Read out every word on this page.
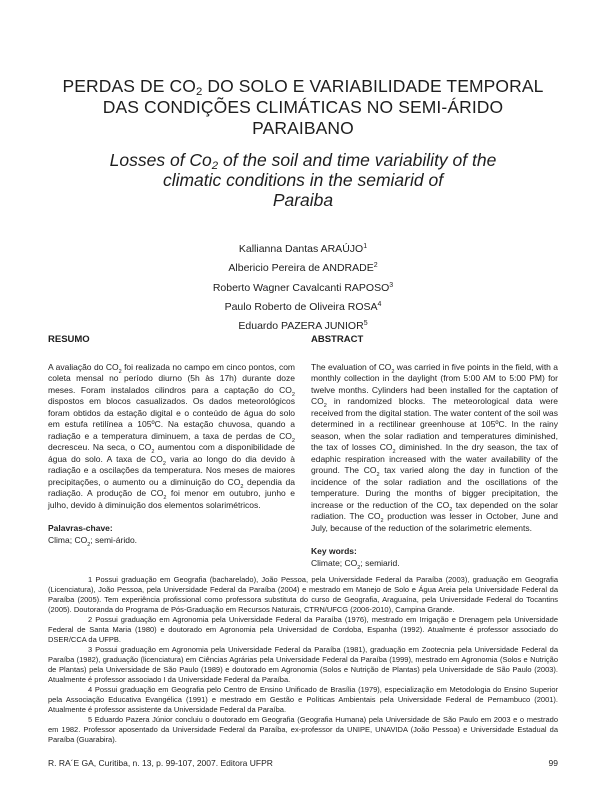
PERDAS DE $CO_2$ DO SOLO E VARIABILIDADE TEMPORAL
DAS CONDIÇÕES CLIMÁTICAS NO SEMI-ÁRIDO
PARAIBANO
Losses of $Co_2$ of the soil and time variability of the
climatic conditions in the semiarid of
Paraiba
Kallianna Dantas ARAÚJO$^1$
Albericio Pereira de ANDRADE$^2$
Roberto Wagner Cavalcanti RAPOSO$^3$
Paulo Roberto de Oliveira ROSA$^4$
Eduardo PAZERA JUNIOR$^5$
RESUMO

A avaliação do $CO_2$ foi realizada no campo em cinco pontos, com coleta mensal no período diurno (5h às 17h) durante doze meses. Foram instalados cilindros para a captação do $CO_2$ dispostos em blocos casualizados. Os dados meteorológicos foram obtidos da estação digital e o conteúdo de água do solo em estufa retilínea a 105ºC. Na estação chuvosa, quando a radiação e a temperatura diminuem, a taxa de perdas de $CO_2$ decresceu. Na seca, o $CO_2$ aumentou com a disponibilidade de água do solo. A taxa de $CO_2$ varia ao longo do dia devido à radiação e a oscilações da temperatura. Nos meses de maiores precipitações, o aumento ou a diminuição do $CO_2$ dependia da radiação. A produção de $CO_2$ foi menor em outubro, junho e julho, devido à diminuição dos elementos solarimétricos.

Palavras-chave:

Clima; $CO_2$; semi-árido.

ABSTRACT

The evaluation of $CO_2$ was carried in five points in the field, with a monthly collection in the daylight (from 5:00 AM to 5:00 PM) for twelve months. Cylinders had been installed for the captation of $CO_2$ in randomized blocks. The meteorological data were received from the digital station. The water content of the soil was determined in a rectilinear greenhouse at 105ºC. In the rainy season, when the solar radiation and temperatures diminished, the tax of losses $CO_2$ diminished. In the dry season, the tax of edaphic respiration increased with the water availability of the ground. The $CO_2$ tax varied along the day in function of the incidence of the solar radiation and the oscillations of the temperature. During the months of bigger precipitation, the increase or the reduction of the $CO_2$ tax depended on the solar radiation. The $CO_2$ production was lesser in October, June and July, because of the reduction of the solarimetric elements.

Key words:

Climate; $CO_2$; semiarid.

1 Possui graduação em Geografia (bacharelado), João Pessoa, pela Universidade Federal da Paraíba (2003), graduação em Geografia (Licenciatura), João Pessoa, pela Universidade Federal da Paraíba (2004) e mestrado em Manejo de Solo e Água Areia pela Universidade Federal da Paraíba (2005). Tem experiência profissional como professora substituta do curso de Geografia, Araguaína, pela Universidade Federal do Tocantins (2005). Doutoranda do Programa de Pós-Graduação em Recursos Naturais, CTRN/UFCG (2006-2010), Campina Grande.

2 Possui graduação em Agronomia pela Universidade Federal da Paraíba (1976), mestrado em Irrigação e Drenagem pela Universidade Federal de Santa Maria (1980) e doutorado em Agronomia pela Universidad de Cordoba, Espanha (1992). Atualmente é professor associado do DSER/CCA da UFPB.

3 Possui graduação em Agronomia pela Universidade Federal da Paraíba (1981), graduação em Zootecnia pela Universidade Federal da Paraíba (1982), graduação (licenciatura) em Ciências Agrárias pela Universidade Federal da Paraíba (1999), mestrado em Agronomia (Solos e Nutrição de Plantas) pela Universidade de São Paulo (1989) e doutorado em Agronomia (Solos e Nutrição de Plantas) pela Universidade de São Paulo (2003). Atualmente é professor associado I da Universidade Federal da Paraíba.

4 Possui graduação em Geografia pelo Centro de Ensino Unificado de Brasília (1979), especialização em Metodologia do Ensino Superior pela Associação Educativa Evangélica (1991) e mestrado em Gestão e Políticas Ambientais pela Universidade Federal de Pernambuco (2001). Atualmente é professor assistente da Universidade Federal da Paraíba.

5 Eduardo Pazera Júnior concluiu o doutorado em Geografia (Geografia Humana) pela Universidade de São Paulo em 2003 e o mestrado em 1982. Professor aposentado da Universidade Federal da Paraíba, ex-professor da UNIPE, UNAVIDA (João Pessoa) e Universidade Estadual da Paraíba (Guarabira).

R. RA´E GA, Curitiba, n. 13, p. 99-107, 2007. Editora UFPR	99
